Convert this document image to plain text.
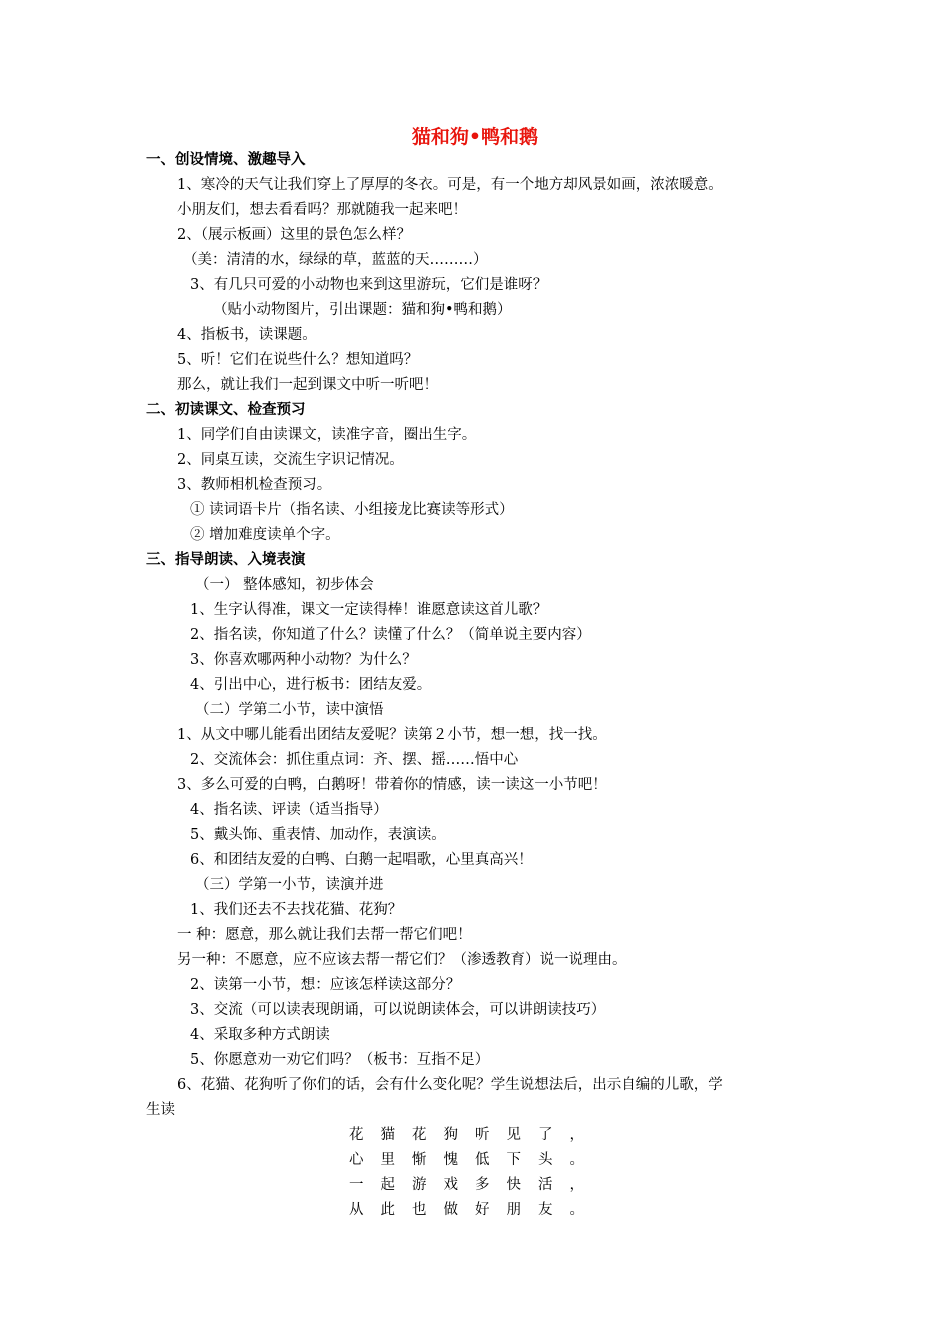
猫和狗•鸭和鹅
一、创设情境、激趣导入
1、寒冷的天气让我们穿上了厚厚的冬衣。可是，有一个地方却风景如画，浓浓暖意。
小朋友们，想去看看吗？那就随我一起来吧！
2、（展示板画）这里的景色怎么样？
（美：清清的水，绿绿的草，蓝蓝的天………）
3、有几只可爱的小动物也来到这里游玩，它们是谁呀？
（贴小动物图片，引出课题：猫和狗•鸭和鹅）
4、指板书，读课题。
5、听！它们在说些什么？想知道吗？
那么，就让我们一起到课文中听一听吧！
二、初读课文、检查预习
1、同学们自由读课文，读准字音，圈出生字。
2、同桌互读，交流生字识记情况。
3、教师相机检查预习。
① 读词语卡片（指名读、小组接龙比赛读等形式）
② 增加难度读单个字。
三、指导朗读、入境表演
（一） 整体感知，初步体会
1、生字认得准，课文一定读得棒！谁愿意读这首儿歌？
2、指名读，你知道了什么？读懂了什么？（简单说主要内容）
3、你喜欢哪两种小动物？为什么？
4、引出中心，进行板书：团结友爱。
（二）学第二小节，读中演悟
1、从文中哪儿能看出团结友爱呢？读第２小节，想一想，找一找。
2、交流体会：抓住重点词：齐、摆、摇……悟中心
3、多么可爱的白鸭，白鹅呀！带着你的情感，读一读这一小节吧！
4、指名读、评读（适当指导）
5、戴头饰、重表情、加动作，表演读。
6、和团结友爱的白鸭、白鹅一起唱歌，心里真高兴！
（三）学第一小节，读演并进
1、我们还去不去找花猫、花狗？
一 种：愿意，那么就让我们去帮一帮它们吧！
另一种：不愿意，应不应该去帮一帮它们？（渗透教育）说一说理由。
2、读第一小节，想：应该怎样读这部分？
3、交流（可以读表现朗诵，可以说朗读体会，可以讲朗读技巧）
4、采取多种方式朗读
5、你愿意劝一劝它们吗？（板书：互指不足）
6、花猫、花狗听了你们的话，会有什么变化呢？学生说想法后，出示自编的儿歌，学
生读
花猫花狗听见了，
心里惭愧低下头。
一起游戏多快活，
从此也做好朋友。
